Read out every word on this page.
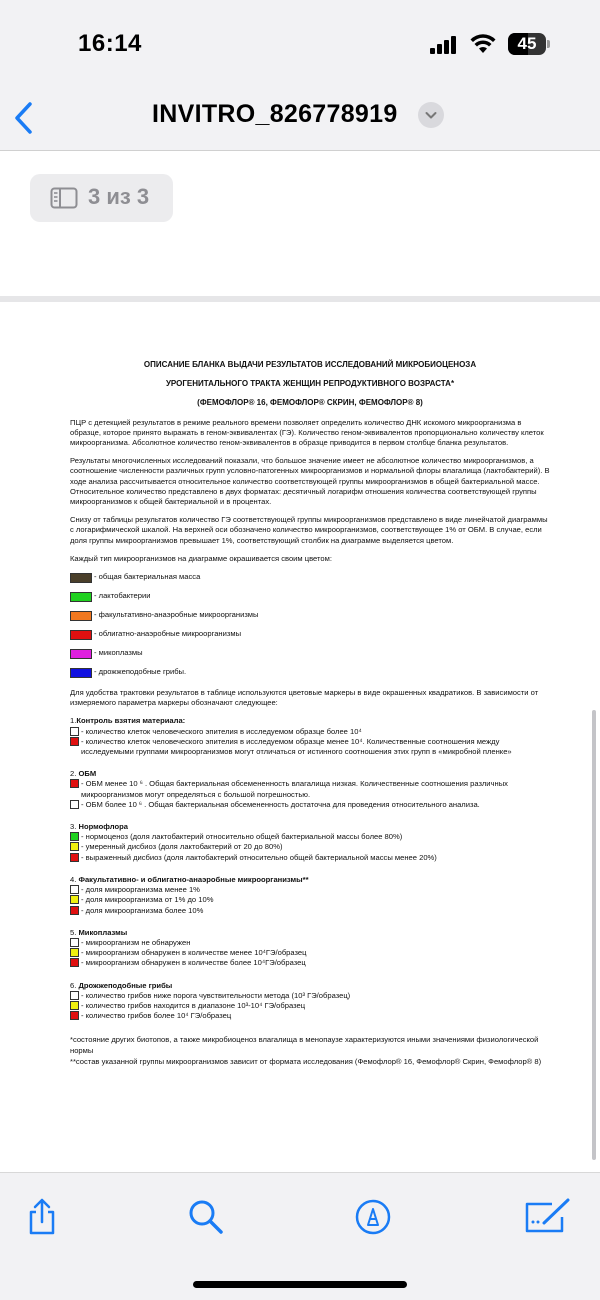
16:14	45
INVITRO_826778919
3 из 3
ОПИСАНИЕ БЛАНКА ВЫДАЧИ РЕЗУЛЬТАТОВ ИССЛЕДОВАНИЙ МИКРОБИОЦЕНОЗА
УРОГЕНИТАЛЬНОГО ТРАКТА ЖЕНЩИН РЕПРОДУКТИВНОГО ВОЗРАСТА*
(ФЕМОФЛОР® 16, ФЕМОФЛОР® СКРИН, ФЕМОФЛОР® 8)
ПЦР с детекцией результатов в режиме реального времени позволяет определить количество ДНК искомого микроорганизма в образце, которое принято выражать в геном-эквивалентах (ГЭ). Количество геном-эквивалентов пропорционально количеству клеток микроорганизма. Абсолютное количество геном-эквивалентов в образце приводится в первом столбце бланка результатов.
Результаты многочисленных исследований показали, что большое значение имеет не абсолютное количество микроорганизмов, а соотношение численности различных групп условно-патогенных микроорганизмов и нормальной флоры влагалища (лактобактерий). В ходе анализа рассчитывается относительное количество соответствующей группы микроорганизмов в общей бактериальной массе. Относительное количество представлено в двух форматах: десятичный логарифм отношения количества соответствующей группы микроорганизмов к общей бактериальной и в процентах.
Снизу от таблицы результатов количество ГЭ соответствующей группы микроорганизмов представлено в виде линейчатой диаграммы с логарифмической шкалой. На верхней оси обозначено количество микроорганизмов, соответствующее 1% от ОБМ. В случае, если доля группы микроорганизмов превышает 1%, соответствующий столбик на диаграмме выделяется цветом.
Каждый тип микроорганизмов на диаграмме окрашивается своим цветом:
- общая бактериальная масса
- лактобактерии
- факультативно-анаэробные микроорганизмы
- облигатно-анаэробные микроорганизмы
- микоплазмы
- дрожжеподобные грибы.
Для удобства трактовки результатов в таблице используются цветовые маркеры в виде окрашенных квадратиков. В зависимости от измеряемого параметра маркеры обозначают следующее:
1.Контроль взятия материала:
- количество клеток человеческого эпителия в исследуемом образце более 10⁴
- количество клеток человеческого эпителия в исследуемом образце менее 10⁴. Количественные соотношения между исследуемыми группами микроорганизмов могут отличаться от истинного соотношения этих групп в «микробной пленке»
2. ОБМ
- ОБМ менее 10 ⁶ . Общая бактериальная обсемененность влагалища низкая. Количественные соотношения различных микроорганизмов могут определяться с большой погрешностью.
- ОБМ более 10 ⁶ . Общая бактериальная обсемененность достаточна для проведения относительного анализа.
3. Нормофлора
- нормоценоз (доля лактобактерий относительно общей бактериальной массы более 80%)
- умеренный дисбиоз (доля лактобактерий от 20 до 80%)
- выраженный дисбиоз (доля лактобактерий относительно общей бактериальной массы менее 20%)
4. Факультативно- и облигатно-анаэробные микроорганизмы**
- доля микроорганизма менее 1%
- доля микроорганизма от 1% до 10%
- доля микроорганизма более 10%
5. Микоплазмы
- микроорганизм не обнаружен
- микроорганизм обнаружен в количестве менее 10⁴ГЭ/образец
- микроорганизм обнаружен в количестве более 10⁴ГЭ/образец
6. Дрожжеподобные грибы
- количество грибов ниже порога чувствительности метода (10³ ГЭ/образец)
- количество грибов находится в диапазоне 10³-10⁴ ГЭ/образец
- количество грибов более 10⁴ ГЭ/образец
*состояние других биотопов, а также микробиоценоз влагалища в менопаузе характеризуются иными значениями физиологической нормы
**состав указанной группы микроорганизмов зависит от формата исследования (Фемофлор® 16, Фемофлор® Скрин, Фемофлор® 8)
